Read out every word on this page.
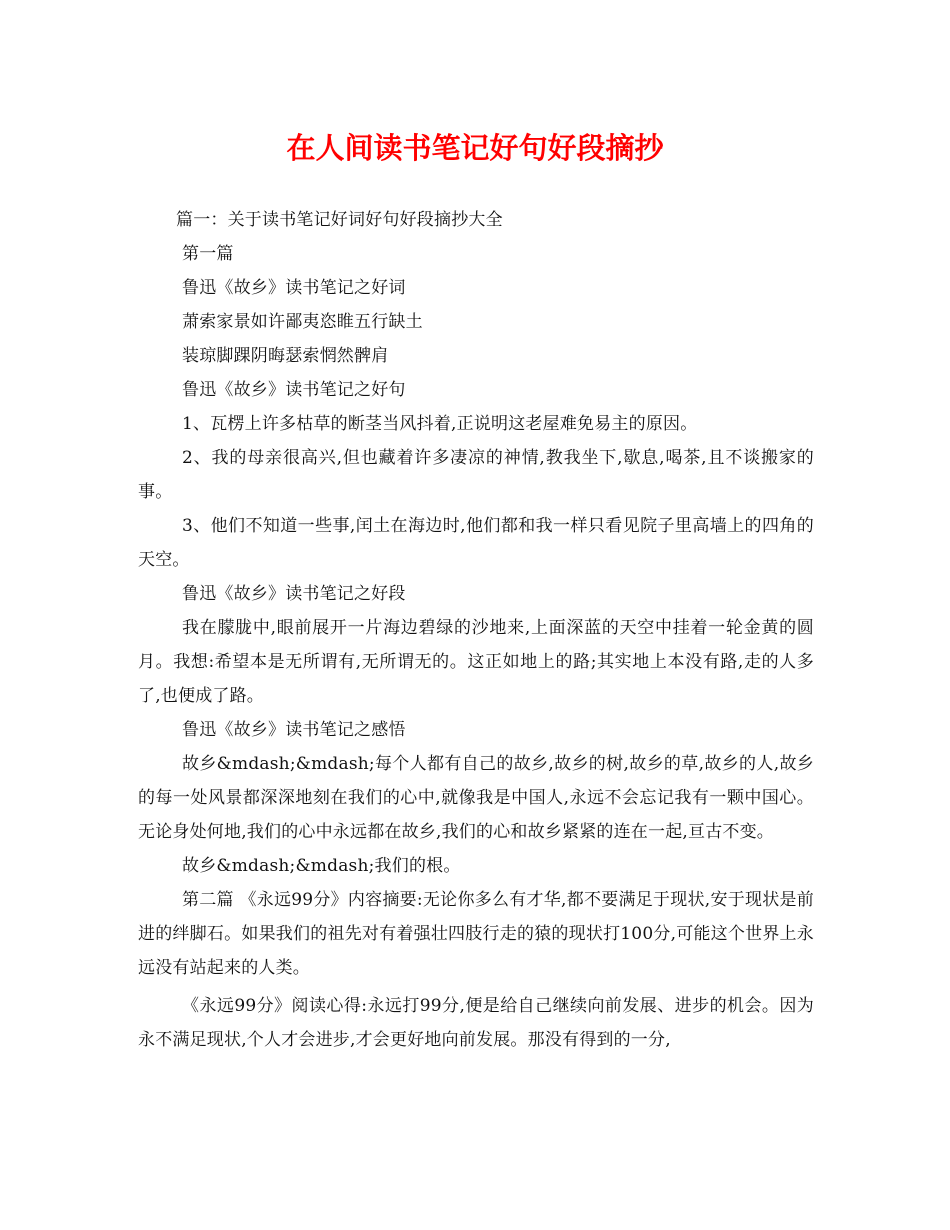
在人间读书笔记好句好段摘抄

篇一：关于读书笔记好词好句好段摘抄大全

第一篇

鲁迅《故乡》读书笔记之好词

萧索家景如许鄙夷恣睢五行缺土

装琼脚踝阴晦瑟索惘然髀肩

鲁迅《故乡》读书笔记之好句

1、瓦楞上许多枯草的断茎当风抖着,正说明这老屋难免易主的原因。

2、我的母亲很高兴,但也藏着许多凄凉的神情,教我坐下,歇息,喝茶,且不谈搬家的事。

3、他们不知道一些事,闰土在海边时,他们都和我一样只看见院子里高墙上的四角的天空。

鲁迅《故乡》读书笔记之好段

我在朦胧中,眼前展开一片海边碧绿的沙地来,上面深蓝的天空中挂着一轮金黄的圆月。我想:希望本是无所谓有,无所谓无的。这正如地上的路;其实地上本没有路,走的人多了,也便成了路。

鲁迅《故乡》读书笔记之感悟

故乡&mdash;&mdash;每个人都有自己的故乡,故乡的树,故乡的草,故乡的人,故乡的每一处风景都深深地刻在我们的心中,就像我是中国人,永远不会忘记我有一颗中国心。无论身处何地,我们的心中永远都在故乡,我们的心和故乡紧紧的连在一起,亘古不变。

故乡&mdash;&mdash;我们的根。

第二篇 《永远99分》内容摘要:无论你多么有才华,都不要满足于现状,安于现状是前进的绊脚石。如果我们的祖先对有着强壮四肢行走的猿的现状打100分,可能这个世界上永远没有站起来的人类。

《永远99分》阅读心得:永远打99分,便是给自己继续向前发展、进步的机会。因为永不满足现状,个人才会进步,才会更好地向前发展。那没有得到的一分,
